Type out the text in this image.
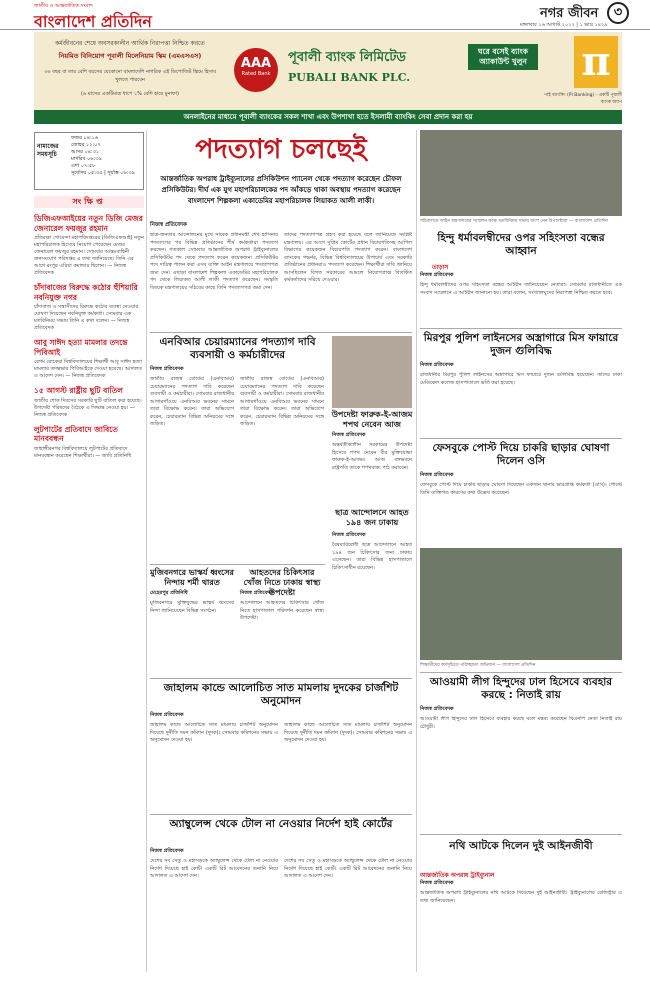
জাতীয় ও আন্তর্জাতিক সংবাদ
বাংলাদেশ প্রতিদিন	নগর জীবন	৩
মঙ্গলবার ১৬ আগস্ট ২০২২ | ১ ভাদ্র ১৪২৯
কর্মজীবনের শেষে অবসরকালীন আর্থিক নিরাপত্তা নিশ্চিত করতে
নিয়মিত বিনিয়োগ পূবালী মিলেনিয়াম স্কিম (এমএসএস)
৩৬ বছর বা তার বেশি বয়সের যেকোনো বাংলাদেশি নাগরিক এই ডিপোজিট স্কিমে হিসাব খুলতে পারবেন
(৬ মাসের একটিমাত্র ধাপে ১% বেশি হারে মুনাফা)
AAA
Rated Bank
পূবালী ব্যাংক লিমিটেড
PUBALI BANK PLC.
ঘরে বসেই ব্যাংক অ্যাকাউন্ট খুলুন π
পাই ব্যাংকিং (PI Banking) - একটি পূবালী ব্যাংক অ্যাপ
অনলাইনের মাধ্যমে পূবালী ব্যাংকের সকল শাখা এবং উপশাখা হতে ইসলামী ব্যাংকিং সেবা প্রদান করা হয়
নামাজের সময়সূচি
ফজর ০৪:১৬
জোহর ১২:০৭
আসর ০৪:৩১
মাগরিব ০৬:৩৯
এশা ০৭:৫৮
সূর্যোদয় ০৫:৩৫ | সূর্যাস্ত ০৬:৩৯
সংক্ষিপ্ত
ডিজিএফআইয়ের নতুন ডিজি মেজর জেনারেল ফয়জুর রহমান
প্রতিরক্ষা গোয়েন্দা মহাপরিদপ্তরের (ডিজিএফআই) নতুন মহাপরিচালক হিসেবে নিয়োগ পেয়েছেন মেজর জেনারেল ফয়জুর রহমান। সোমবার আন্তঃবাহিনী জনসংযোগ পরিদপ্তর এ তথ্য জানিয়েছে। তিনি এর আগে রংপুর এরিয়া কমান্ডার ছিলেন। — নিজস্ব প্রতিবেদক
চাঁদাবাজের বিরুদ্ধে কঠোর হুঁশিয়ারি নবনিযুক্ত নগর
চাঁদাবাজ ও সন্ত্রাসীদের বিরুদ্ধে কঠোর ব্যবস্থা নেওয়ার ঘোষণা দিয়েছেন নবনিযুক্ত কর্মকর্তা। সোমবার এক মতবিনিময় সভায় তিনি এ কথা বলেন। — নিজস্ব প্রতিবেদক
আবু সাঈদ হত্যা মামলার তদন্তে পিবিআই
বেগম রোকেয়া বিশ্ববিদ্যালয়ের শিক্ষার্থী আবু সাঈদ হত্যা মামলার তদন্তভার পিবিআইকে দেওয়া হয়েছে। আদালত এ আদেশ দেন। — নিজস্ব প্রতিবেদক
১৫ আগস্ট রাষ্ট্রীয় ছুটি বাতিল
জাতীয় শোক দিবসের সরকারি ছুটি বাতিল করা হয়েছে। উপদেষ্টা পরিষদের বৈঠকে এ সিদ্ধান্ত নেওয়া হয়। — নিজস্ব প্রতিবেদক
লুটপাটের প্রতিবাদে জাবিতে মানববন্ধন
জাহাঙ্গীরনগর বিশ্ববিদ্যালয়ে লুটপাটের প্রতিবাদে মানববন্ধন করেছেন শিক্ষার্থীরা। — জাবি প্রতিনিধি
পদত্যাগ চলছেই
আন্তর্জাতিক অপরাধ ট্রাইব্যুনালের প্রসিকিউশন প্যানেল থেকে পদত্যাগ করেছেন চৌফল প্রসিকিউটর। দীর্ঘ এক যুগ মহাপরিচালকের পদ আঁকড়ে থাকা অবস্থায় পদত্যাগ করেছেন বাংলাদেশ শিল্পকলা একাডেমির মহাপরিচালক লিয়াকত আলী লাকী।
নিজস্ব প্রতিবেদক
ছাত্র-জনতার আন্দোলনের মুখে সাবেক প্রধানমন্ত্রী শেখ হাসিনার পদত্যাগের পর বিভিন্ন প্রতিষ্ঠানের শীর্ষ কর্মকর্তারা পদত্যাগ করছেন। গতকাল সোমবার আন্তর্জাতিক অপরাধ ট্রাইব্যুনালের প্রসিকিউটর পদ থেকে পদত্যাগ করেন কয়েকজন। প্রসিকিউটর পদে দায়িত্ব পালন করা এসব ব্যক্তি আইন মন্ত্রণালয়ে পদত্যাগপত্র জমা দেন। এছাড়া বাংলাদেশ শিল্পকলা একাডেমির মহাপরিচালক পদ থেকে লিয়াকত আলী লাকী পদত্যাগ করেছেন। সংস্কৃতি বিষয়ক মন্ত্রণালয়ের সচিবের কাছে তিনি পদত্যাগপত্র জমা দেন।
তাদের পদত্যাগপত্র গ্রহণ করা হয়েছে বলে জানিয়েছে সংশ্লিষ্ট মন্ত্রণালয়। এর আগে সুপ্রিম কোর্টের প্রধান বিচারপতিসহ আপিল বিভাগের কয়েকজন বিচারপতি পদত্যাগ করেন। বাংলাদেশ ব্যাংকের গভর্নর, বিভিন্ন বিশ্ববিদ্যালয়ের উপাচার্য এবং সরকারি প্রতিষ্ঠানের প্রধানরাও পদত্যাগ করেছেন। শিক্ষার্থীরা দাবি জানিয়ে আসছিলেন বিগত সরকারের আমলে নিয়োগপ্রাপ্ত বিতর্কিত কর্মকর্তাদের সরিয়ে দেওয়ার।
সচিবালয়ে আইন মন্ত্রণালয়ের সম্মেলন কক্ষে মতবিনিময় সভায় অংশ নেন উপদেষ্টারা — বাংলাদেশ প্রতিদিন
হিন্দু ধর্মাবলম্বীদের ওপর সহিংসতা বন্ধের আহ্বান
তাড়াস
নিজস্ব প্রতিবেদক
হিন্দু ধর্মাবলম্বীদের ওপর সহিংসতা বন্ধের আহ্বান জানিয়েছেন নেতারা। সোমবার রাজধানীতে এক সংবাদ সম্মেলনে এ আহ্বান জানানো হয়। তারা বলেন, সংখ্যালঘুদের নিরাপত্তা নিশ্চিত করতে হবে।
এনবিআর চেয়ারম্যানের পদত্যাগ দাবি ব্যবসায়ী ও কর্মচারীদের
নিজস্ব প্রতিবেদক
জাতীয় রাজস্ব বোর্ডের (এনবিআর) চেয়ারম্যানের পদত্যাগ দাবি করেছেন ব্যবসায়ী ও কর্মচারীরা। সোমবার রাজধানীর আগারগাঁওয়ে এনবিআর ভবনের সামনে তারা বিক্ষোভ করেন। তারা অভিযোগ করেন, চেয়ারম্যান বিভিন্ন অনিয়মের সঙ্গে জড়িত।
জাতীয় রাজস্ব বোর্ডের (এনবিআর) চেয়ারম্যানের পদত্যাগ দাবি করেছেন ব্যবসায়ী ও কর্মচারীরা। সোমবার রাজধানীর আগারগাঁওয়ে এনবিআর ভবনের সামনে তারা বিক্ষোভ করেন। তারা অভিযোগ করেন, চেয়ারম্যান বিভিন্ন অনিয়মের সঙ্গে জড়িত।
উপদেষ্টা ফারুক-ই-আজম শপথ নেবেন আজ
নিজস্ব প্রতিবেদক
অন্তর্বর্তীকালীন সরকারের উপদেষ্টা হিসেবে শপথ নেবেন বীর মুক্তিযোদ্ধা ফারুক-ই-আজম। আজ বঙ্গভবনে রাষ্ট্রপতি তাকে শপথবাক্য পাঠ করাবেন।
মিরপুর পুলিশ লাইনসের অস্ত্রাগারে মিস ফায়ারে দুজন গুলিবিদ্ধ
নিজস্ব প্রতিবেদক
রাজধানীর মিরপুর পুলিশ লাইনসের অস্ত্রাগারে মিস ফায়ারে দুজন গুলিবিদ্ধ হয়েছেন। তাদের ঢাকা মেডিকেল কলেজ হাসপাতালে ভর্তি করা হয়েছে।
ছাত্র আন্দোলনে আহত ১৯৪ জন ঢাকায়
নিজস্ব প্রতিবেদক
বৈষম্যবিরোধী ছাত্র আন্দোলনে আহত ১৯৪ জন চিকিৎসার জন্য ঢাকায় এসেছেন। তারা বিভিন্ন হাসপাতালে চিকিৎসাধীন রয়েছেন।
ফেসবুকে পোস্ট দিয়ে চাকরি ছাড়ার ঘোষণা দিলেন ওসি
নিজস্ব প্রতিবেদক
ফেসবুকে পোস্ট দিয়ে চাকরি ছাড়ার ঘোষণা দিয়েছেন একজন থানার ভারপ্রাপ্ত কর্মকর্তা (ওসি)। পোস্টে তিনি ব্যক্তিগত কারণের কথা উল্লেখ করেছেন।
মুজিবনগরে ভাস্কর্য ধ্বংসের নিন্দায় শর্মী থারত
মেহেরপুর প্রতিনিধি
মুজিবনগরে মুক্তিযুদ্ধের ভাস্কর্য ধ্বংসের নিন্দা জানিয়েছেন বিভিন্ন সংগঠন।
আহতদের চিকিৎসার খোঁজ নিতে ঢাকায় স্বাস্থ্য উপদেষ্টা
নিজস্ব প্রতিবেদক
আন্দোলনে আহতদের চিকিৎসার খোঁজ নিতে হাসপাতাল পরিদর্শন করেছেন স্বাস্থ্য উপদেষ্টা।
শিক্ষার্থীদের কর্মসূচিতে পরিচ্ছন্নতা অভিযান — বাংলাদেশ প্রতিদিন
জাহালম কান্ডে আলোচিত সাত মামলায় দুদকের চার্জশিট অনুমোদন
নিজস্ব প্রতিবেদক
জাহালম কান্ডে আলোচিত সাত মামলায় চার্জশিট অনুমোদন দিয়েছে দুর্নীতি দমন কমিশন (দুদক)। সোমবার কমিশনের সভায় এ অনুমোদন দেওয়া হয়।
জাহালম কান্ডে আলোচিত সাত মামলায় চার্জশিট অনুমোদন দিয়েছে দুর্নীতি দমন কমিশন (দুদক)। সোমবার কমিশনের সভায় এ অনুমোদন দেওয়া হয়।
আওয়ামী লীগ হিন্দুদের ঢাল হিসেবে ব্যবহার করছে : নিতাই রায়
নিজস্ব প্রতিবেদক
আওয়ামী লীগ হিন্দুদের ঢাল হিসেবে ব্যবহার করছে বলে মন্তব্য করেছেন বিএনপি নেতা নিতাই রায় চৌধুরী।
অ্যাম্বুলেন্স থেকে টোল না নেওয়ার নির্দেশ হাই কোর্টের
নিজস্ব প্রতিবেদক
দেশের সব সেতু ও মহাসড়কে অ্যাম্বুলেন্স থেকে টোল না নেওয়ার নির্দেশ দিয়েছে হাই কোর্ট। একটি রিট আবেদনের শুনানি নিয়ে আদালত এ আদেশ দেন।
দেশের সব সেতু ও মহাসড়কে অ্যাম্বুলেন্স থেকে টোল না নেওয়ার নির্দেশ দিয়েছে হাই কোর্ট। একটি রিট আবেদনের শুনানি নিয়ে আদালত এ আদেশ দেন।
নথি আটকে দিলেন দুই আইনজীবী
আন্তর্জাতিক অপরাধ ট্রাইব্যুনাল
নিজস্ব প্রতিবেদক
আন্তর্জাতিক অপরাধ ট্রাইব্যুনালের নথি আটকে দিয়েছেন দুই আইনজীবী। ট্রাইব্যুনালের রেজিস্ট্রার এ তথ্য জানিয়েছেন।
